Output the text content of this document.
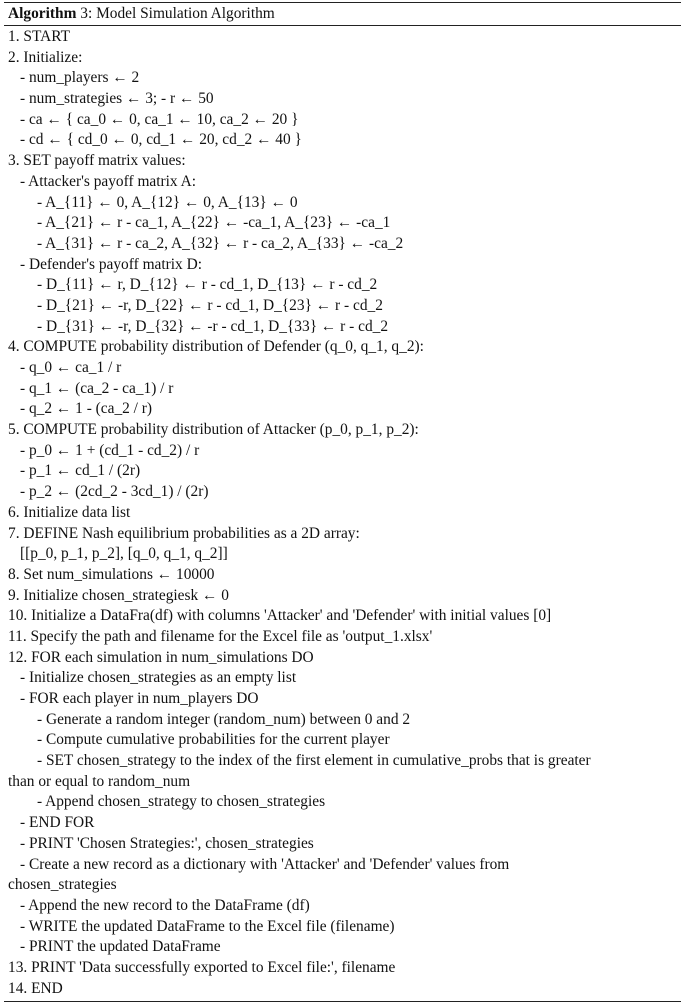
Algorithm 3: Model Simulation Algorithm
1. START
2. Initialize:
- num_players ← 2
- num_strategies ← 3; - r ← 50
- ca ← { ca_0 ← 0, ca_1 ← 10, ca_2 ← 20 }
- cd ← { cd_0 ← 0, cd_1 ← 20, cd_2 ← 40 }
3. SET payoff matrix values:
- Attacker's payoff matrix A:
- A_{11} ← 0, A_{12} ← 0, A_{13} ← 0
- A_{21} ← r - ca_1, A_{22} ← -ca_1, A_{23} ← -ca_1
- A_{31} ← r - ca_2, A_{32} ← r - ca_2, A_{33} ← -ca_2
- Defender's payoff matrix D:
- D_{11} ← r, D_{12} ← r - cd_1, D_{13} ← r - cd_2
- D_{21} ← -r, D_{22} ← r - cd_1, D_{23} ← r - cd_2
- D_{31} ← -r, D_{32} ← -r - cd_1, D_{33} ← r - cd_2
4. COMPUTE probability distribution of Defender (q_0, q_1, q_2):
- q_0 ← ca_1 / r
- q_1 ← (ca_2 - ca_1) / r
- q_2 ← 1 - (ca_2 / r)
5. COMPUTE probability distribution of Attacker (p_0, p_1, p_2):
- p_0 ← 1 + (cd_1 - cd_2) / r
- p_1 ← cd_1 / (2r)
- p_2 ← (2cd_2 - 3cd_1) / (2r)
6. Initialize data list
7. DEFINE Nash equilibrium probabilities as a 2D array:
[[p_0, p_1, p_2], [q_0, q_1, q_2]]
8. Set num_simulations ← 10000
9. Initialize chosen_strategiesk ← 0
10. Initialize a DataFra(df) with columns 'Attacker' and 'Defender' with initial values [0]
11. Specify the path and filename for the Excel file as 'output_1.xlsx'
12. FOR each simulation in num_simulations DO
- Initialize chosen_strategies as an empty list
- FOR each player in num_players DO
- Generate a random integer (random_num) between 0 and 2
- Compute cumulative probabilities for the current player
- SET chosen_strategy to the index of the first element in cumulative_probs that is greater
than or equal to random_num
- Append chosen_strategy to chosen_strategies
- END FOR
- PRINT 'Chosen Strategies:', chosen_strategies
- Create a new record as a dictionary with 'Attacker' and 'Defender' values from
chosen_strategies
- Append the new record to the DataFrame (df)
- WRITE the updated DataFrame to the Excel file (filename)
- PRINT the updated DataFrame
13. PRINT 'Data successfully exported to Excel file:', filename
14. END
